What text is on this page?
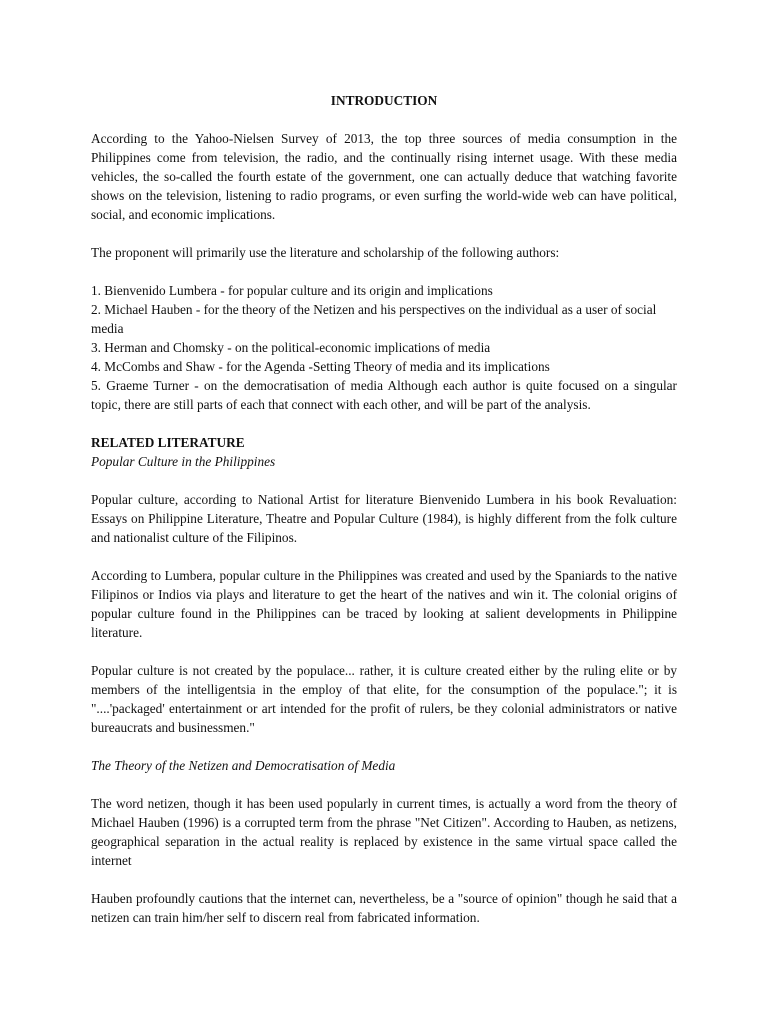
INTRODUCTION

According to the Yahoo-Nielsen Survey of 2013, the top three sources of media consumption in the Philippines come from television, the radio, and the continually rising internet usage. With these media vehicles, the so-called the fourth estate of the government, one can actually deduce that watching favorite shows on the television, listening to radio programs, or even surfing the world-wide web can have political, social, and economic implications.

The proponent will primarily use the literature and scholarship of the following authors:

1. Bienvenido Lumbera - for popular culture and its origin and implications
2. Michael Hauben - for the theory of the Netizen and his perspectives on the individual as a user of social media
3. Herman and Chomsky - on the political-economic implications of media
4. McCombs and Shaw - for the Agenda -Setting Theory of media and its implications
5. Graeme Turner - on the democratisation of media Although each author is quite focused on a singular topic, there are still parts of each that connect with each other, and will be part of the analysis.
RELATED LITERATURE
Popular Culture in the Philippines

Popular culture, according to National Artist for literature Bienvenido Lumbera in his book Revaluation: Essays on Philippine Literature, Theatre and Popular Culture (1984), is highly different from the folk culture and nationalist culture of the Filipinos.

According to Lumbera, popular culture in the Philippines was created and used by the Spaniards to the native Filipinos or Indios via plays and literature to get the heart of the natives and win it. The colonial origins of popular culture found in the Philippines can be traced by looking at salient developments in Philippine literature.

Popular culture is not created by the populace... rather, it is culture created either by the ruling elite or by members of the intelligentsia in the employ of that elite, for the consumption of the populace."; it is "....'packaged' entertainment or art intended for the profit of rulers, be they colonial administrators or native bureaucrats and businessmen."

The Theory of the Netizen and Democratisation of Media

The word netizen, though it has been used popularly in current times, is actually a word from the theory of Michael Hauben (1996) is a corrupted term from the phrase "Net Citizen". According to Hauben, as netizens, geographical separation in the actual reality is replaced by existence in the same virtual space called the internet

Hauben profoundly cautions that the internet can, nevertheless, be a "source of opinion" though he said that a netizen can train him/her self to discern real from fabricated information.
